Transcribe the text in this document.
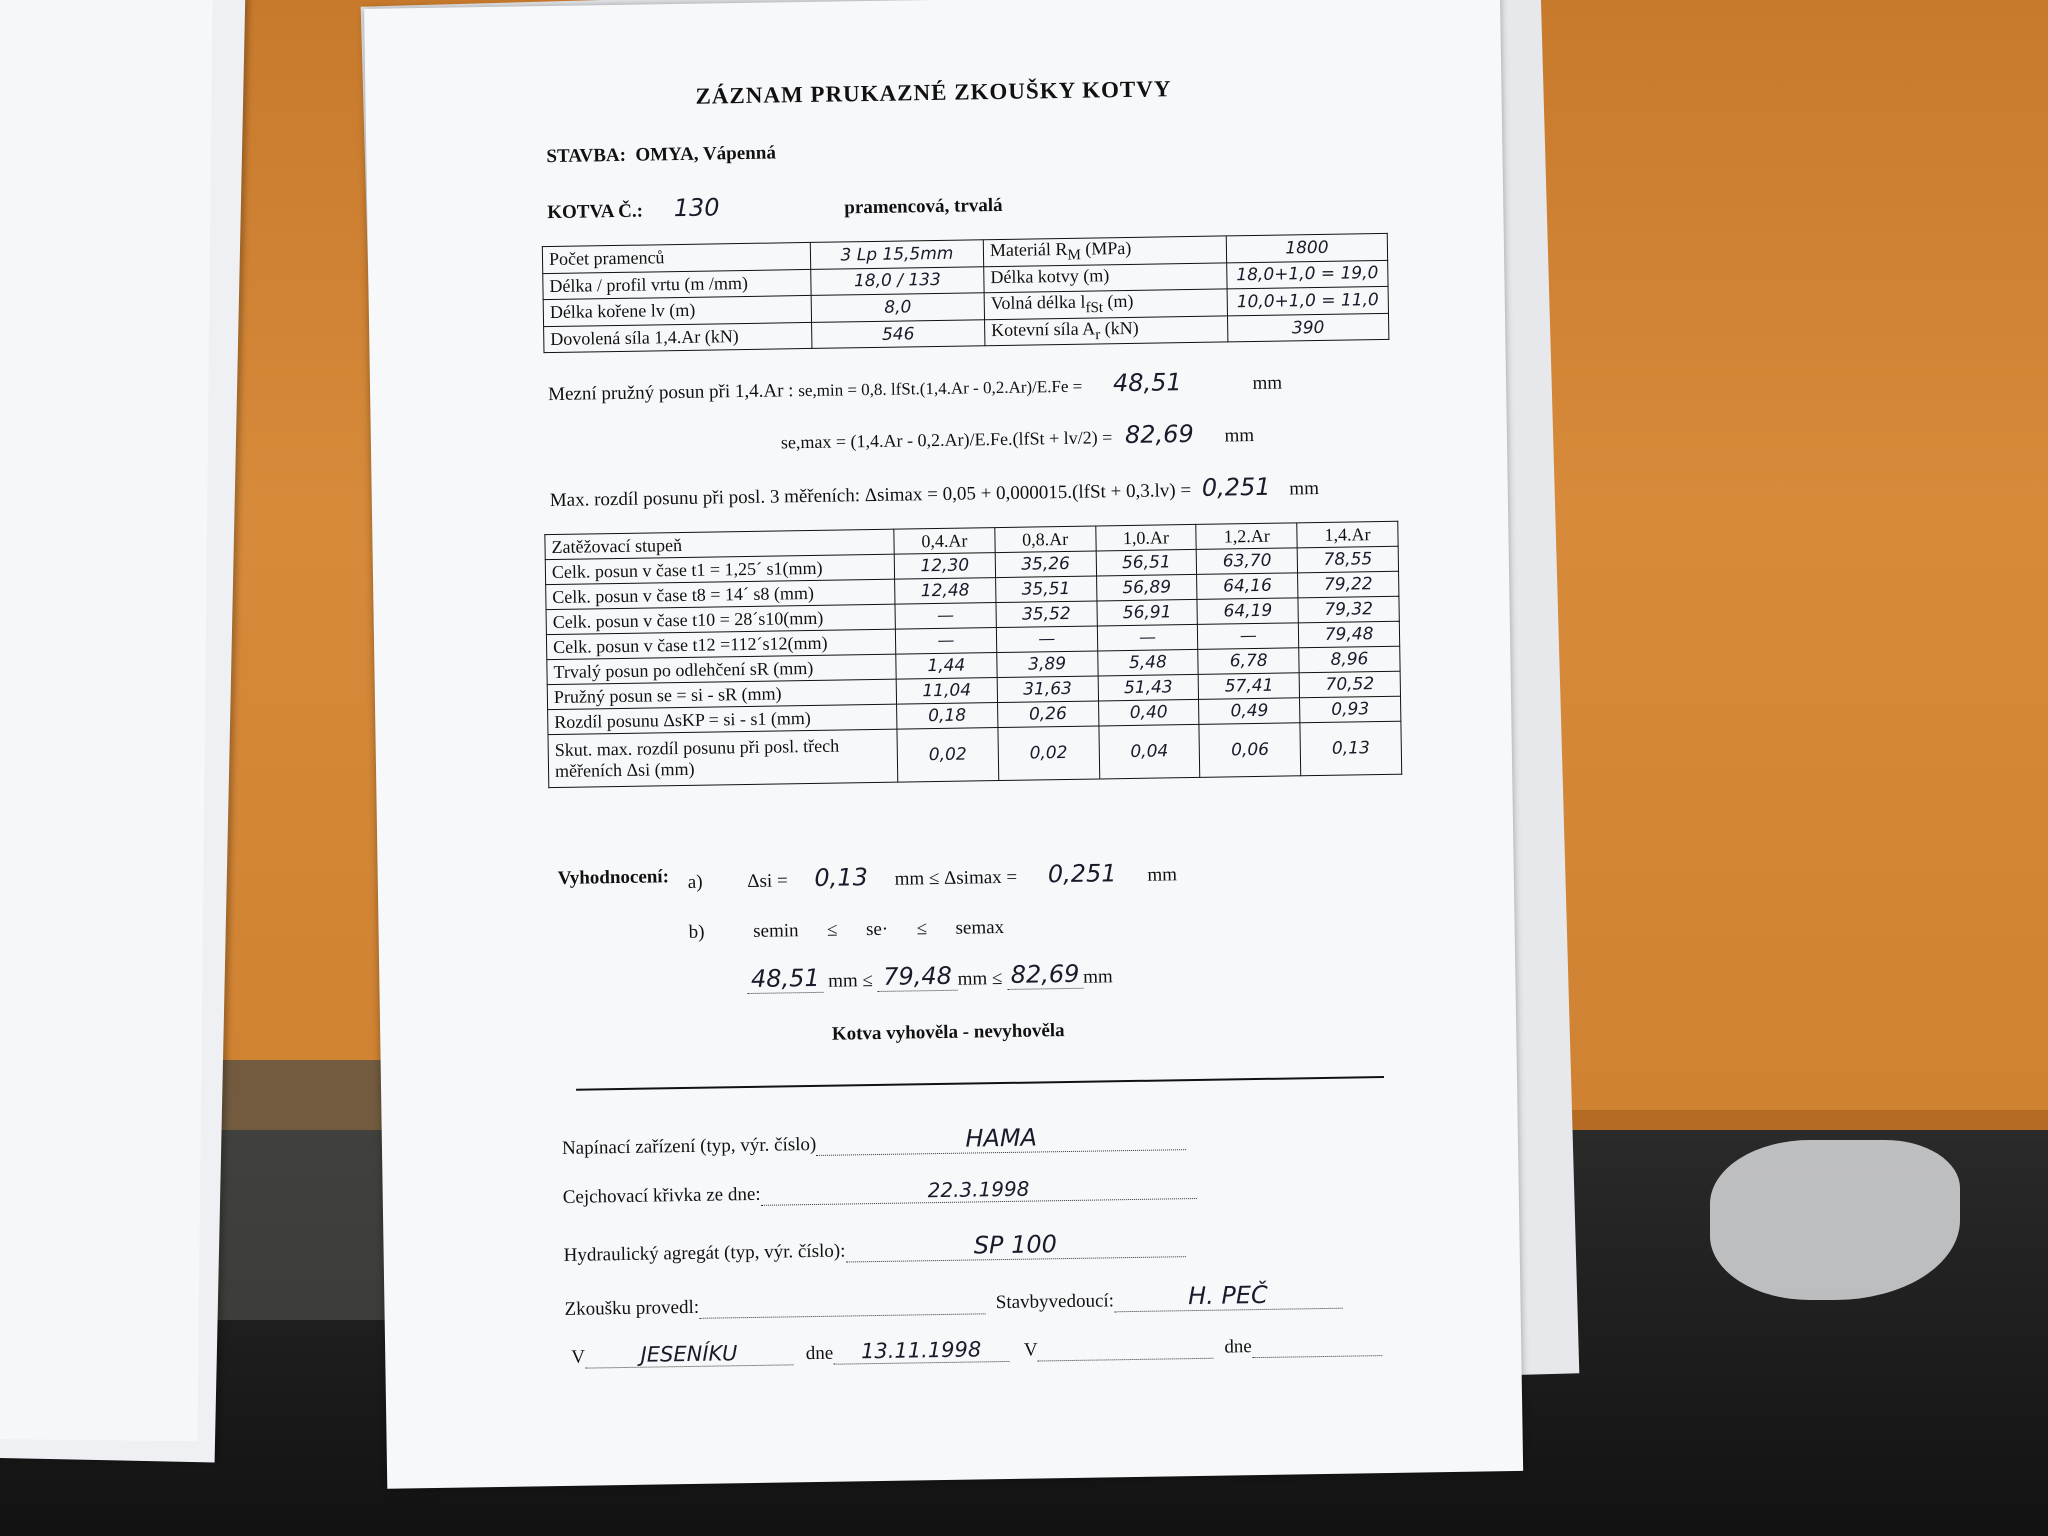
ZÁZNAM PRUKAZNÉ ZKOUŠKY KOTVY
STAVBA: OMYA, Vápenná
KOTVA Č.: 130	pramencová, trvalá
Počet pramenců	3 Lp 15,5mm	Materiál $R_M$ (MPa)	1800
Délka / profil vrtu (m /mm)	18,0 / 133	Délka kotvy (m)	18,0+1,0 = 19,0
Délka kořene lv (m)	8,0	Volná délka $l_{fSt}$ (m)	10,0+1,0 = 11,0
Dovolená síla 1,4.Ar (kN)	546	Kotevní síla $A_r$ (kN)	390
Mezní pružný posun při 1,4.Ar : se,min = 0,8. lfSt.(1,4.Ar - 0,2.Ar)/E.Fe = 48,51	mm
se,max = (1,4.Ar - 0,2.Ar)/E.Fe.(lfSt + lv/2) = 82,69 mm
Max. rozdíl posunu při posl. 3 měřeních: Δsimax = 0,05 + 0,000015.(lfSt + 0,3.lv) = 0,251 mm
Zatěžovací stupeň	0,4.Ar	0,8.Ar	1,0.Ar	1,2.Ar	1,4.Ar
Celk. posun v čase t1 = 1,25´ s1(mm)	12,30	35,26	56,51	63,70	78,55
Celk. posun v čase t8 = 14´ s8 (mm)	12,48	35,51	56,89	64,16	79,22
Celk. posun v čase t10 = 28´s10(mm)	—	35,52	56,91	64,19	79,32
Celk. posun v čase t12 =112´s12(mm)	—	—	—	—	79,48
Trvalý posun po odlehčení sR (mm)	1,44	3,89	5,48	6,78	8,96
Pružný posun se = si - sR (mm)	11,04	31,63	51,43	57,41	70,52
Rozdíl posunu ΔsKP = si - s1 (mm)	0,18	0,26	0,40	0,49	0,93
Skut. max. rozdíl posunu při posl. třech měřeních Δsi (mm)	0,02	0,02	0,04	0,06	0,13
Vyhodnocení: a) Δsi = 0,13 mm ≤ Δsimax = 0,251 mm
b)	semin      ≤      se·      ≤      semax
48,51 mm ≤ 79,48 mm ≤ 82,69 mm
Kotva vyhověla - nevyhověla
Napínací zařízení (typ, výr. číslo)	HAMA
Cejchovací křivka ze dne:	22.3.1998
Hydraulický agregát (typ, výr. číslo):	SP 100
Zkoušku provedl:	Stavbyvedoucí:	H. PEČ
V	JESENÍKU	dne 13.11.1998 V	dne
